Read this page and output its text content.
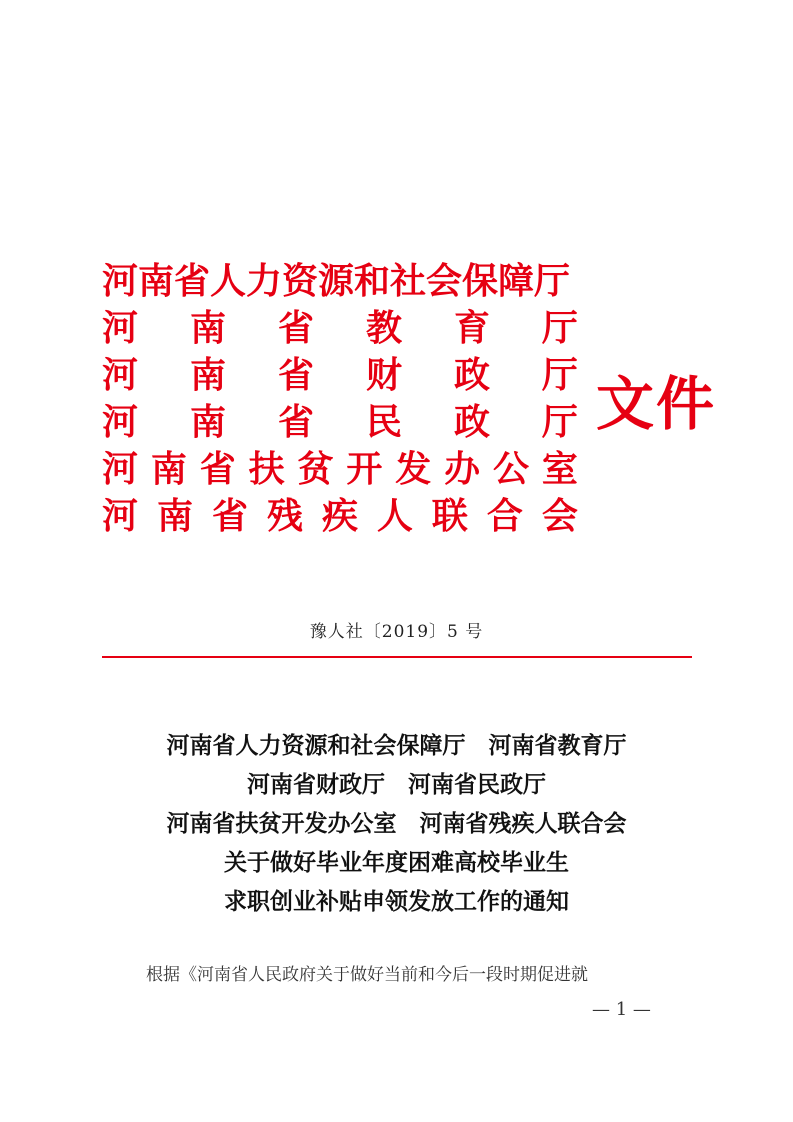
河南省人力资源和社会保障厅
河 南 省 教 育 厅
河 南 省 财 政 厅
河 南 省 民 政 厅
河 南 省 扶 贫 开 发 办 公 室
河 南 省 残 疾 人 联 合 会
文件
豫人社〔2019〕5 号
河南省人力资源和社会保障厅　河南省教育厅
河南省财政厅　河南省民政厅
河南省扶贫开发办公室　河南省残疾人联合会
关于做好毕业年度困难高校毕业生
求职创业补贴申领发放工作的通知
根据《河南省人民政府关于做好当前和今后一段时期促进就
— 1 —
